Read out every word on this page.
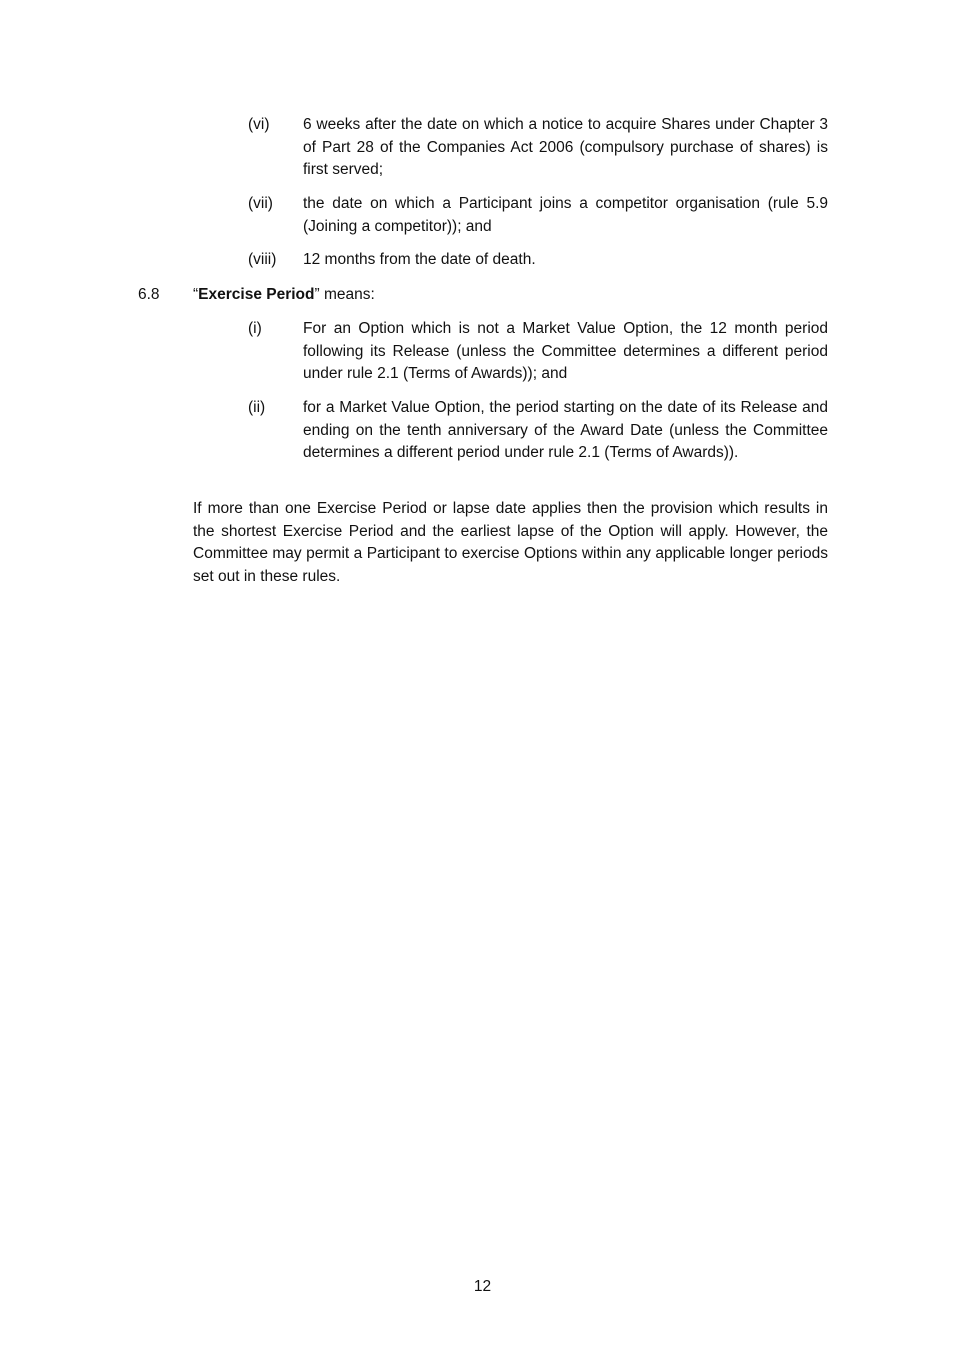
(vi) 6 weeks after the date on which a notice to acquire Shares under Chapter 3 of Part 28 of the Companies Act 2006 (compulsory purchase of shares) is first served;
(vii) the date on which a Participant joins a competitor organisation (rule 5.9 (Joining a competitor)); and
(viii) 12 months from the date of death.
6.8 “Exercise Period” means:
(i)	For an Option which is not a Market Value Option, the 12 month period following its Release (unless the Committee determines a different period under rule 2.1 (Terms of Awards)); and
(ii) for a Market Value Option, the period starting on the date of its Release and ending on the tenth anniversary of the Award Date (unless the Committee determines a different period under rule 2.1 (Terms of Awards)).
If more than one Exercise Period or lapse date applies then the provision which results in the shortest Exercise Period and the earliest lapse of the Option will apply. However, the Committee may permit a Participant to exercise Options within any applicable longer periods set out in these rules.
12
